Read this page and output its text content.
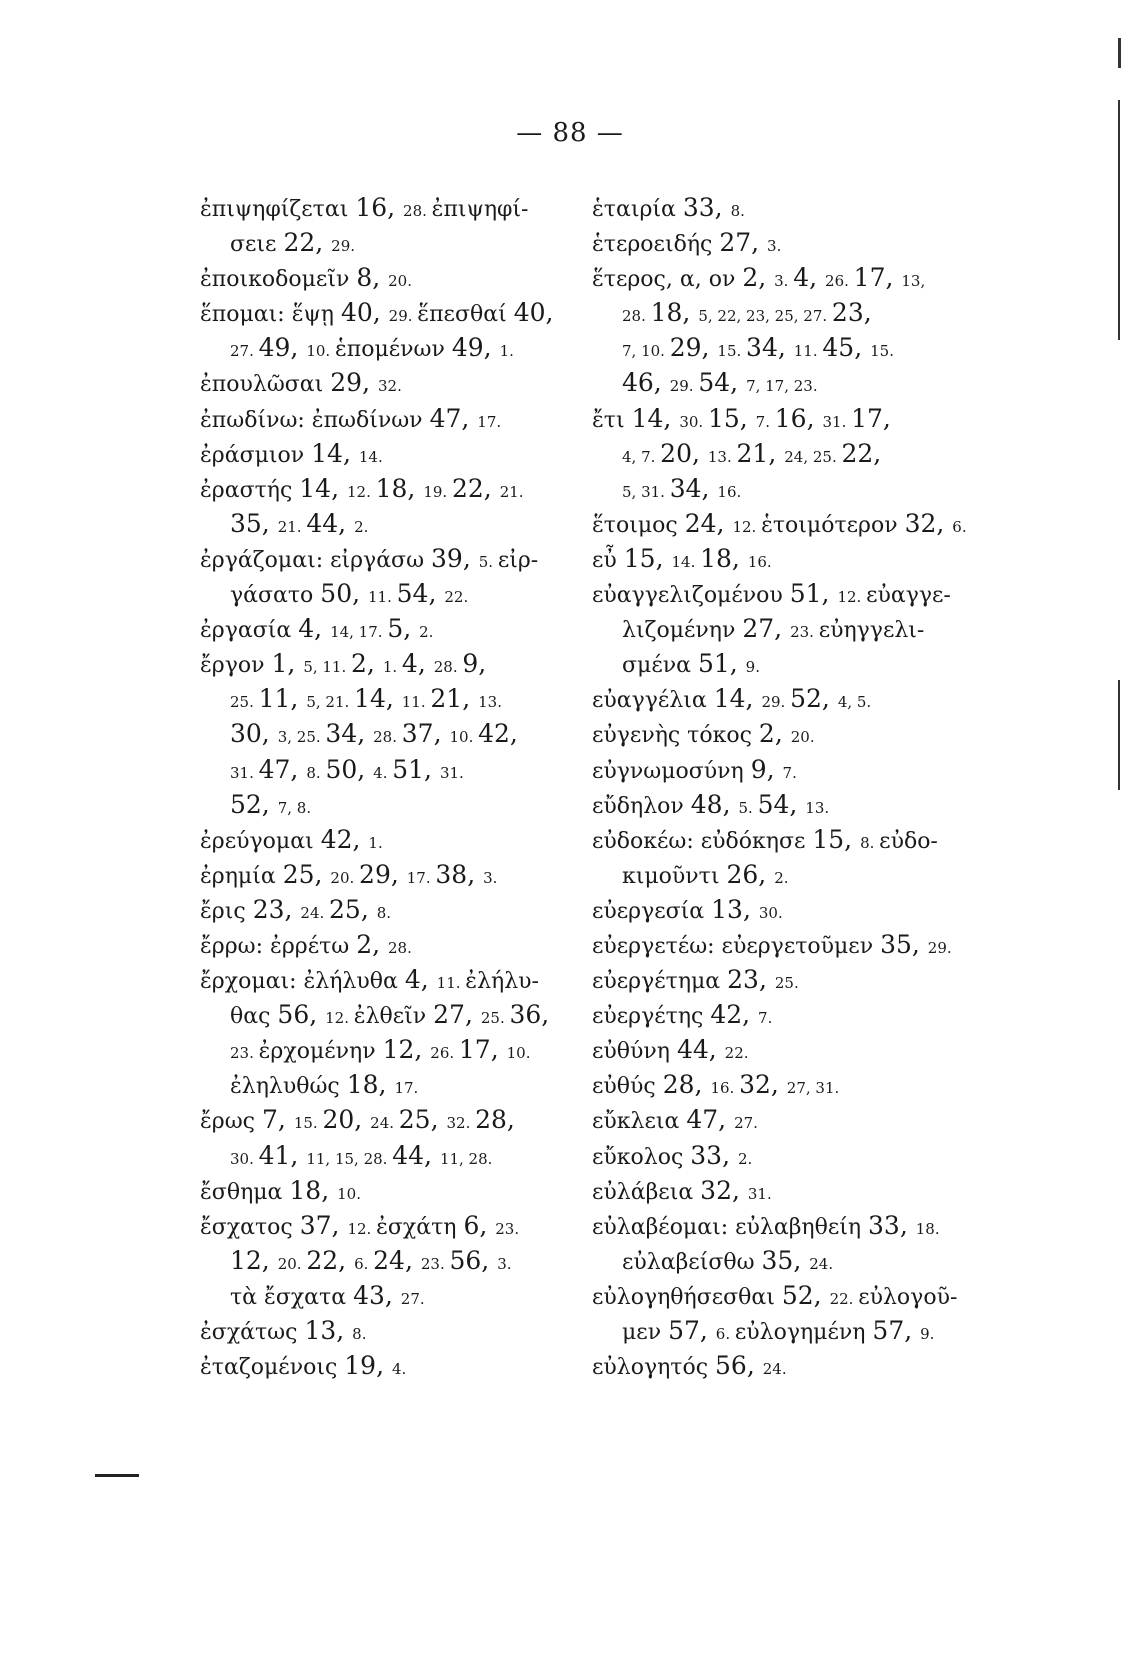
— 88 —
ἐπιψηφίζεται 16, 28. ἐπιψηφί-
σειε 22, 29.
ἐποικοδομεῖν 8, 20.
ἕπομαι: ἕψῃ 40, 29. ἕπεσθαί 40,
27. 49, 10. ἑπομένων 49, 1.
ἐπουλῶσαι 29, 32.
ἐπωδίνω: ἐπωδίνων 47, 17.
ἐράσμιον 14, 14.
ἐραστής 14, 12. 18, 19. 22, 21.
35, 21. 44, 2.
ἐργάζομαι: εἰργάσω 39, 5. εἰρ-
γάσατο 50, 11. 54, 22.
ἐργασία 4, 14, 17. 5, 2.
ἔργον 1, 5, 11. 2, 1. 4, 28. 9,
25. 11, 5, 21. 14, 11. 21, 13.
30, 3, 25. 34, 28. 37, 10. 42,
31. 47, 8. 50, 4. 51, 31.
52, 7, 8.
ἐρεύγομαι 42, 1.
ἐρημία 25, 20. 29, 17. 38, 3.
ἔρις 23, 24. 25, 8.
ἔρρω: ἐρρέτω 2, 28.
ἔρχομαι: ἐλήλυθα 4, 11. ἐλήλυ-
θας 56, 12. ἐλθεῖν 27, 25. 36,
23. ἐρχομένην 12, 26. 17, 10.
ἐληλυθώς 18, 17.
ἔρως 7, 15. 20, 24. 25, 32. 28,
30. 41, 11, 15, 28. 44, 11, 28.
ἔσθημα 18, 10.
ἔσχατος 37, 12. ἐσχάτη 6, 23.
12, 20. 22, 6. 24, 23. 56, 3.
τὰ ἔσχατα 43, 27.
ἐσχάτως 13, 8.
ἐταζομένοις 19, 4.
ἑταιρία 33, 8.
ἑτεροειδής 27, 3.
ἕτερος, α, ον 2, 3. 4, 26. 17, 13,
28. 18, 5, 22, 23, 25, 27. 23,
7, 10. 29, 15. 34, 11. 45, 15.
46, 29. 54, 7, 17, 23.
ἔτι 14, 30. 15, 7. 16, 31. 17,
4, 7. 20, 13. 21, 24, 25. 22,
5, 31. 34, 16.
ἕτοιμος 24, 12. ἑτοιμότερον 32, 6.
εὖ 15, 14. 18, 16.
εὐαγγελιζομένου 51, 12. εὐαγγε-
λιζομένην 27, 23. εὐηγγελι-
σμένα 51, 9.
εὐαγγέλια 14, 29. 52, 4, 5.
εὐγενὴς τόκος 2, 20.
εὐγνωμοσύνη 9, 7.
εὔδηλον 48, 5. 54, 13.
εὐδοκέω: εὐδόκησε 15, 8. εὐδο-
κιμοῦντι 26, 2.
εὐεργεσία 13, 30.
εὐεργετέω: εὐεργετοῦμεν 35, 29.
εὐεργέτημα 23, 25.
εὐεργέτης 42, 7.
εὐθύνη 44, 22.
εὐθύς 28, 16. 32, 27, 31.
εὔκλεια 47, 27.
εὔκολος 33, 2.
εὐλάβεια 32, 31.
εὐλαβέομαι: εὐλαβηθείη 33, 18.
εὐλαβείσθω 35, 24.
εὐλογηθήσεσθαι 52, 22. εὐλογοῦ-
μεν 57, 6. εὐλογημένη 57, 9.
εὐλογητός 56, 24.
